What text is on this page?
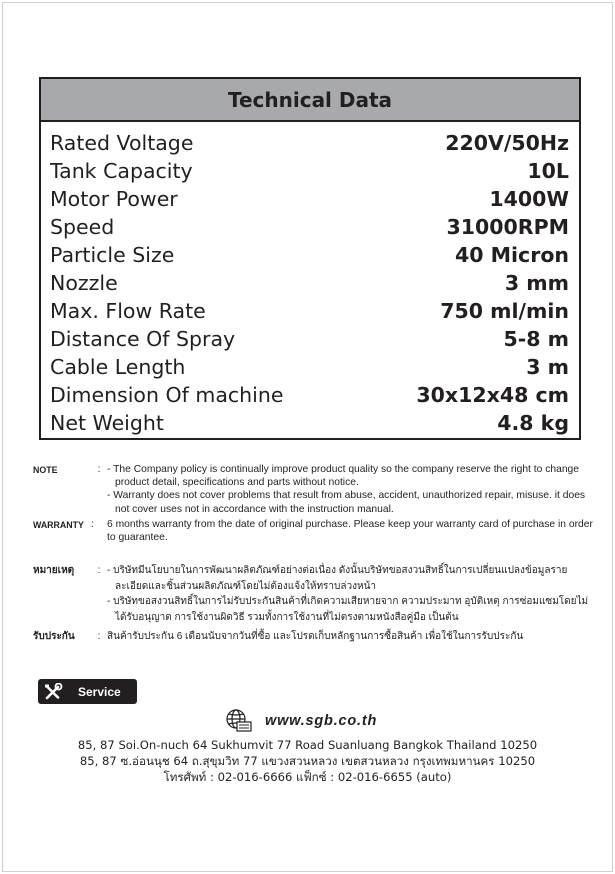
Technical Data
Rated Voltage	220V/50Hz
Tank Capacity	10L
Motor Power	1400W
Speed	31000RPM
Particle Size	40 Micron
Nozzle	3 mm
Max. Flow Rate	750 ml/min
Distance Of Spray	5-8 m
Cable Length	3 m
Dimension Of machine	30x12x48 cm
Net Weight	4.8 kg
NOTE	: - The Company policy is continually improve product quality so the company reserve the right to change product detail, specifications and parts without notice.
- Warranty does not cover problems that result from abuse, accident, unauthorized repair, misuse. it does not cover uses not in accordance with the instruction manual.
WARRANTY :	6 months warranty from the date of original purchase. Please keep your warranty card of purchase in order to guarantee.
หมายเหตุ	: - บริษัทมีนโยบายในการพัฒนาผลิตภัณฑ์อย่างต่อเนื่อง ดังนั้นบริษัทขอสงวนสิทธิ์ในการเปลี่ยนแปลงข้อมูลรายละเอียดและชิ้นส่วนผลิตภัณฑ์โดยไม่ต้องแจ้งให้ทราบล่วงหน้า
- บริษัทขอสงวนสิทธิ์ในการไม่รับประกันสินค้าที่เกิดความเสียหายจาก ความประมาท อุบัติเหตุ การซ่อมแซมโดยไม่ได้รับอนุญาต การใช้งานผิดวิธี รวมทั้งการใช้งานที่ไม่ตรงตามหนังสือคู่มือ เป็นต้น
รับประกัน	: สินค้ารับประกัน 6 เดือนนับจากวันที่ซื้อ และโปรดเก็บหลักฐานการซื้อสินค้า เพื่อใช้ในการรับประกัน
Service
www.sgb.co.th
85, 87 Soi.On-nuch 64 Sukhumvit 77 Road Suanluang Bangkok Thailand 10250
85, 87 ซ.อ่อนนุช 64 ถ.สุขุมวิท 77 แขวงสวนหลวง เขตสวนหลวง กรุงเทพมหานคร 10250
โทรศัพท์ : 02-016-6666 แฟ็กซ์ : 02-016-6655 (auto)
